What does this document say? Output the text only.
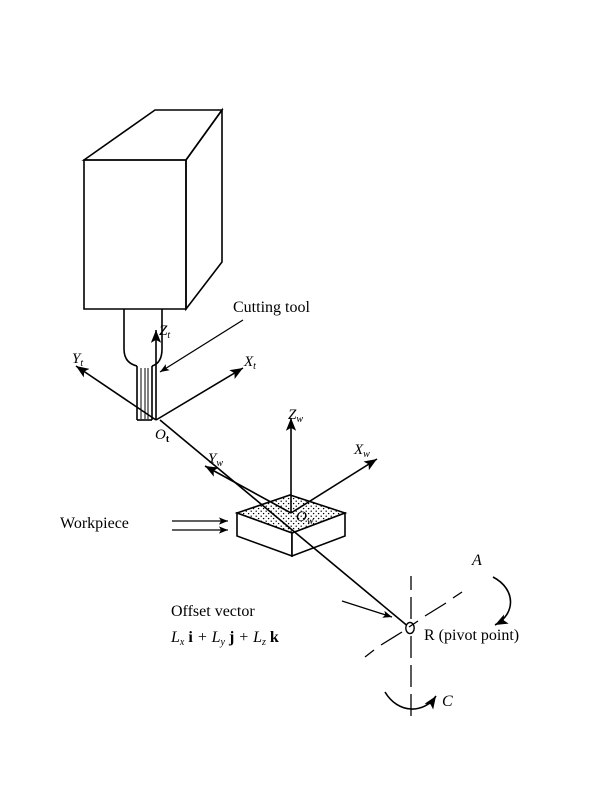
Cutting tool
$Z_t$
$X_t$
$Y_t$
$O_t$
$Z_w$
$X_w$
$Y_w$
$O_w$
Workpiece
Offset vector
$L_x$ $i + L_y$ $j + L_z$ k	R (pivot point)
A
C
